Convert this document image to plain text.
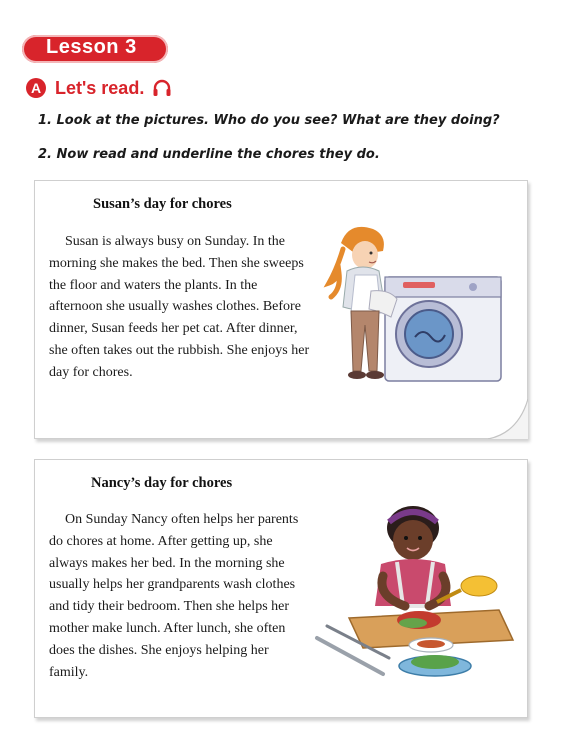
Lesson 3
A Let's read.
1. Look at the pictures. Who do you see? What are they doing?
2. Now read and underline the chores they do.
Susan’s day for chores

Susan is always busy on Sunday. In the morning she makes the bed. Then she sweeps the floor and waters the plants. In the afternoon she usually washes clothes. Before dinner, Susan feeds her pet cat. After dinner, she often takes out the rubbish. She enjoys her day for chores.

Nancy’s day for chores

On Sunday Nancy often helps her parents do chores at home. After getting up, she always makes her bed. In the morning she usually helps her grandparents wash clothes and tidy their bedroom. Then she helps her mother make lunch. After lunch, she often does the dishes. She enjoys helping her family.
